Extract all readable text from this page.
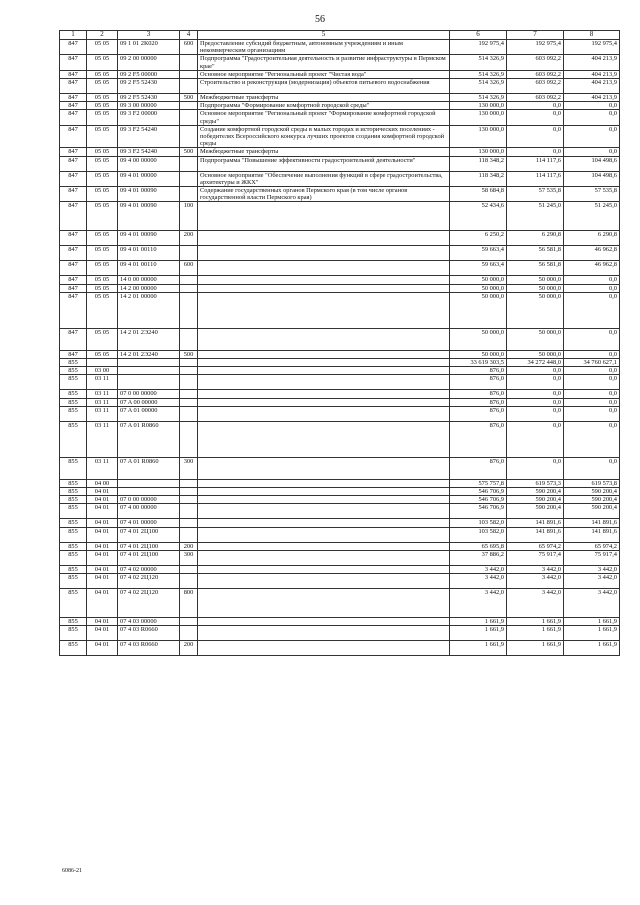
56
1	2	3	4	5	6	7	8
847	05 05	09 1 01 2К020	600	Предоставление субсидий бюджетным, автономным учреждениям и иным некоммерческим организациям	192 975,4	192 975,4	192 975,4
847	05 05	09 2 00 00000		Подпрограмма "Градостроительная деятельность и развитие инфраструктуры в Пермском крае"	514 326,9	603 092,2	404 213,9
847	05 05	09 2 F5 00000		Основное мероприятие "Региональный проект "Чистая вода"	514 326,9	603 092,2	404 213,9
847	05 05	09 2 F5 52430		Строительство и реконструкция (модернизация) объектов питьевого водоснабжения	514 326,9	603 092,2	404 213,9
847	05 05	09 2 F5 52430	500	Межбюджетные трансферты	514 326,9	603 092,2	404 213,9
847	05 05	09 3 00 00000		Подпрограмма "Формирование комфортной городской среды"	130 000,0	0,0	0,0
847	05 05	09 3 F2 00000		Основное мероприятие "Региональный проект "Формирование комфортной городской среды"	130 000,0	0,0	0,0
847	05 05	09 3 F2 54240		Создание комфортной городской среды в малых городах и исторических поселениях - победителях Всероссийского конкурса лучших проектов создания комфортной городской среды	130 000,0	0,0	0,0
847	05 05	09 3 F2 54240	500	Межбюджетные трансферты	130 000,0	0,0	0,0
847	05 05	09 4 00 00000		Подпрограмма "Повышение эффективности градостроительной деятельности"	118 348,2	114 117,6	104 498,6
847	05 05	09 4 01 00000		Основное мероприятие "Обеспечение выполнения функций в сфере градостроительства, архитектуры и ЖКХ"	118 348,2	114 117,6	104 498,6
847	05 05	09 4 01 00090		Содержание государственных органов Пермского края (в том числе органов государственной власти Пермского края)	58 684,8	57 535,8	57 535,8
847	05 05	09 4 01 00090	100		52 434,6	51 245,0	51 245,0
847	05 05	09 4 01 00090	200		6 250,2	6 290,8	6 290,8
847	05 05	09 4 01 00110			59 663,4	56 581,8	46 962,8
847	05 05	09 4 01 00110	600		59 663,4	56 581,8	46 962,8
847	05 05	14 0 00 00000			50 000,0	50 000,0	0,0
847	05 05	14 2 00 00000			50 000,0	50 000,0	0,0
847	05 05	14 2 01 00000			50 000,0	50 000,0	0,0
847	05 05	14 2 01 2Э240			50 000,0	50 000,0	0,0
847	05 05	14 2 01 2Э240	500		50 000,0	50 000,0	0,0
855					33 619 303,5	34 272 448,0	34 760 627,1
855	03 00				876,0	0,0	0,0
855	03 11				876,0	0,0	0,0
855	03 11	07 0 00 00000			876,0	0,0	0,0
855	03 11	07 A 00 00000			876,0	0,0	0,0
855	03 11	07 A 01 00000			876,0	0,0	0,0
855	03 11	07 A 01 R0860			876,0	0,0	0,0
855	03 11	07 A 01 R0860	300		876,0	0,0	0,0
855	04 00				575 757,8	619 573,3	619 573,8
855	04 01				546 706,9	590 200,4	590 200,4
855	04 01	07 0 00 00000			546 706,9	590 200,4	590 200,4
855	04 01	07 4 00 00000			546 706,9	590 200,4	590 200,4
855	04 01	07 4 01 00000			103 582,0	141 891,6	141 891,6
855	04 01	07 4 01 2Ц100			103 582,0	141 891,6	141 891,6
855	04 01	07 4 01 2Ц100	200		65 695,8	65 974,2	65 974,2
855	04 01	07 4 01 2Ц100	300		37 886,2	75 917,4	75 917,4
855	04 01	07 4 02 00000			3 442,0	3 442,0	3 442,0
855	04 01	07 4 02 2Ц120			3 442,0	3 442,0	3 442,0
855	04 01	07 4 02 2Ц120	800		3 442,0	3 442,0	3 442,0
855	04 01	07 4 03 00000			1 661,9	1 661,9	1 661,9
855	04 01	07 4 03 R0660			1 661,9	1 661,9	1 661,9
855	04 01	07 4 03 R0660	200		1 661,9	1 661,9	1 661,9
6086-21
